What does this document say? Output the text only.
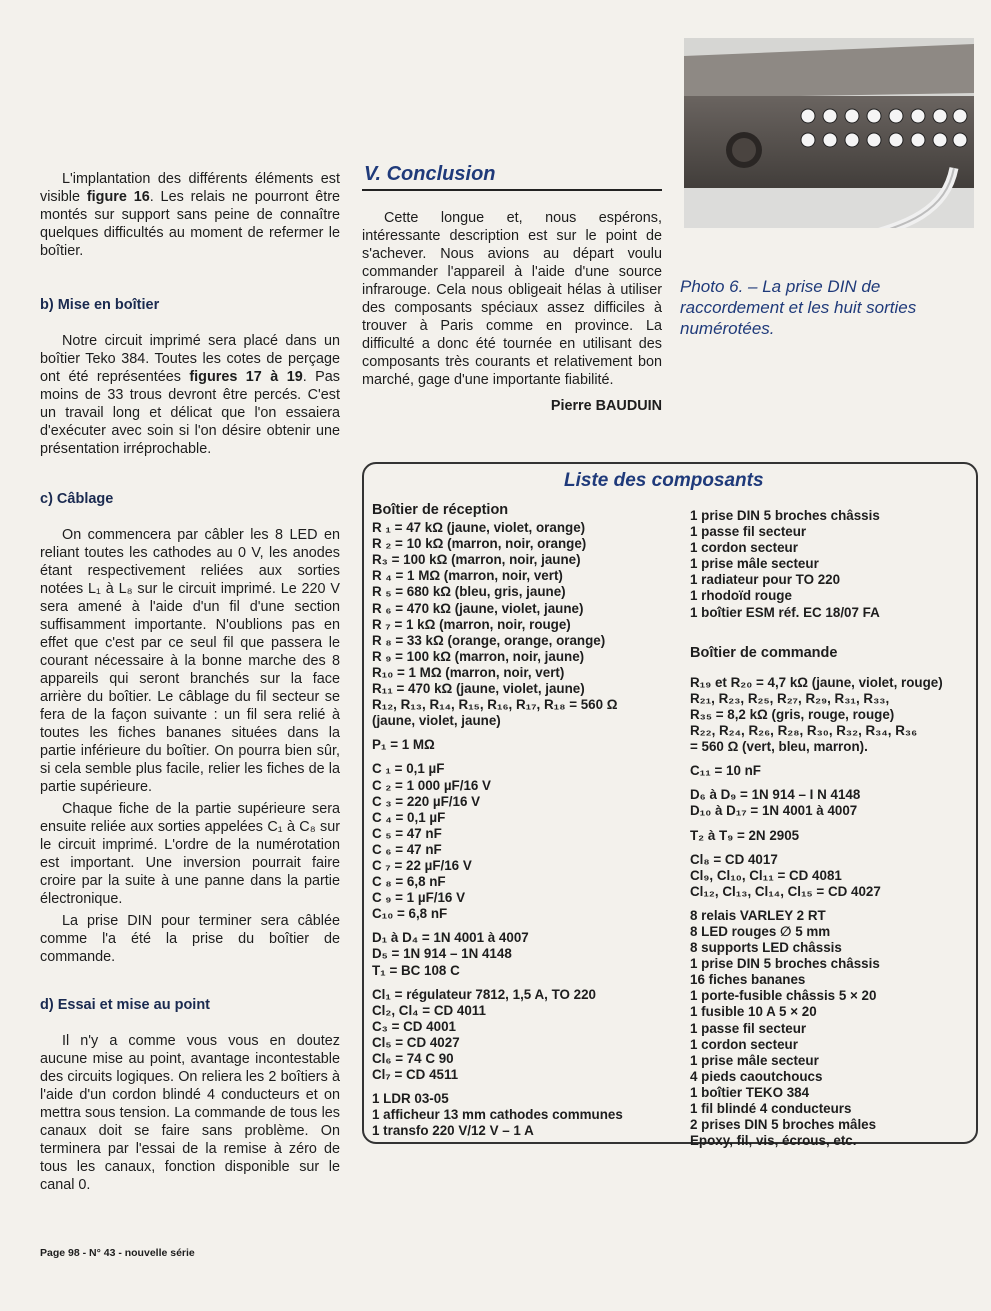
L'implantation des différents éléments est visible figure 16. Les relais ne pourront être montés sur support sans peine de connaître quelques difficultés au moment de refermer le boîtier.

b) Mise en boîtier

Notre circuit imprimé sera placé dans un boîtier Teko 384. Toutes les cotes de perçage ont été représentées figures 17 à 19. Pas moins de 33 trous devront être percés. C'est un travail long et délicat que l'on essaiera d'exécuter avec soin si l'on désire obtenir une présentation irréprochable.

c) Câblage

On commencera par câbler les 8 LED en reliant toutes les cathodes au 0 V, les anodes étant respectivement reliées aux sorties notées L₁ à L₈ sur le circuit imprimé. Le 220 V sera amené à l'aide d'un fil d'une section suffisamment importante. N'oublions pas en effet que c'est par ce seul fil que passera le courant nécessaire à la bonne marche des 8 appareils qui seront branchés sur la face arrière du boîtier. Le câblage du fil secteur se fera de la façon suivante : un fil sera relié à toutes les fiches bananes situées dans la partie inférieure du boîtier. On pourra bien sûr, si cela semble plus facile, relier les fiches de la partie supérieure.

Chaque fiche de la partie supérieure sera ensuite reliée aux sorties appelées C₁ à C₈ sur le circuit imprimé. L'ordre de la numérotation est important. Une inversion pourrait faire croire par la suite à une panne dans la partie électronique.

La prise DIN pour terminer sera câblée comme l'a été la prise du boîtier de commande.

d) Essai et mise au point

Il n'y a comme vous vous en doutez aucune mise au point, avantage incontestable des circuits logiques. On reliera les 2 boîtiers à l'aide d'un cordon blindé 4 conducteurs et on mettra sous tension. La commande de tous les canaux doit se faire sans problème. On terminera par l'essai de la remise à zéro de tous les canaux, fonction disponible sur le canal 0.

V. Conclusion

Cette longue et, nous espérons, intéressante description est sur le point de s'achever. Nous avions au départ voulu commander l'appareil à l'aide d'une source infrarouge. Cela nous obligeait hélas à utiliser des composants spéciaux assez difficiles à trouver à Paris comme en province. La difficulté a donc été tournée en utilisant des composants très courants et relativement bon marché, gage d'une importante fiabilité.

Pierre BAUDUIN
Photo 6. – La prise DIN de raccordement et les huit sorties numérotées.
Liste des composants
Boîtier de réception
R ₁ = 47 kΩ (jaune, violet, orange)
R ₂ = 10 kΩ (marron, noir, orange)
R₃ = 100 kΩ (marron, noir, jaune)
R ₄ = 1 MΩ (marron, noir, vert)
R ₅ = 680 kΩ (bleu, gris, jaune)
R ₆ = 470 kΩ (jaune, violet, jaune)
R ₇ = 1 kΩ (marron, noir, rouge)
R ₈ = 33 kΩ (orange, orange, orange)
R ₉ = 100 kΩ (marron, noir, jaune)
R₁₀ = 1 MΩ (marron, noir, vert)
R₁₁ = 470 kΩ (jaune, violet, jaune)
R₁₂, R₁₃, R₁₄, R₁₅, R₁₆, R₁₇, R₁₈ = 560 Ω
(jaune, violet, jaune)
P₁ = 1 MΩ
C ₁ = 0,1 µF
C ₂ = 1 000 µF/16 V
C ₃ = 220 µF/16 V
C ₄ = 0,1 µF
C ₅ = 47 nF
C ₆ = 47 nF
C ₇ = 22 µF/16 V
C ₈ = 6,8 nF
C ₉ = 1 µF/16 V
C₁₀ = 6,8 nF
D₁ à D₄ = 1N 4001 à 4007
D₅ = 1N 914 – 1N 4148
T₁ = BC 108 C
Cl₁ = régulateur 7812, 1,5 A, TO 220
Cl₂, Cl₄ = CD 4011
C₃ = CD 4001
Cl₅ = CD 4027
Cl₆ = 74 C 90
Cl₇ = CD 4511
1 LDR 03-05
1 afficheur 13 mm cathodes communes
1 transfo 220 V/12 V – 1 A
1 prise DIN 5 broches châssis
1 passe fil secteur
1 cordon secteur
1 prise mâle secteur
1 radiateur pour TO 220
1 rhodoïd rouge
1 boîtier ESM réf. EC 18/07 FA
Boîtier de commande
R₁₉ et R₂₀ = 4,7 kΩ (jaune, violet, rouge)
R₂₁, R₂₃, R₂₅, R₂₇, R₂₉, R₃₁, R₃₃,
R₃₅ = 8,2 kΩ (gris, rouge, rouge)
R₂₂, R₂₄, R₂₆, R₂₈, R₃₀, R₃₂, R₃₄, R₃₆
= 560 Ω (vert, bleu, marron).
C₁₁ = 10 nF
D₆ à D₉ = 1N 914 – I N 4148
D₁₀ à D₁₇ = 1N 4001 à 4007
T₂ à T₉ = 2N 2905
Cl₈ = CD 4017
Cl₉, Cl₁₀, Cl₁₁ = CD 4081
Cl₁₂, Cl₁₃, Cl₁₄, Cl₁₅ = CD 4027
8 relais VARLEY 2 RT
8 LED rouges ∅ 5 mm
8 supports LED châssis
1 prise DIN 5 broches châssis
16 fiches bananes
1 porte-fusible châssis 5 × 20
1 fusible 10 A 5 × 20
1 passe fil secteur
1 cordon secteur
1 prise mâle secteur
4 pieds caoutchoucs
1 boîtier TEKO 384
1 fil blindé 4 conducteurs
2 prises DIN 5 broches mâles
Epoxy, fil, vis, écrous, etc.
Page 98 - N° 43 - nouvelle série
